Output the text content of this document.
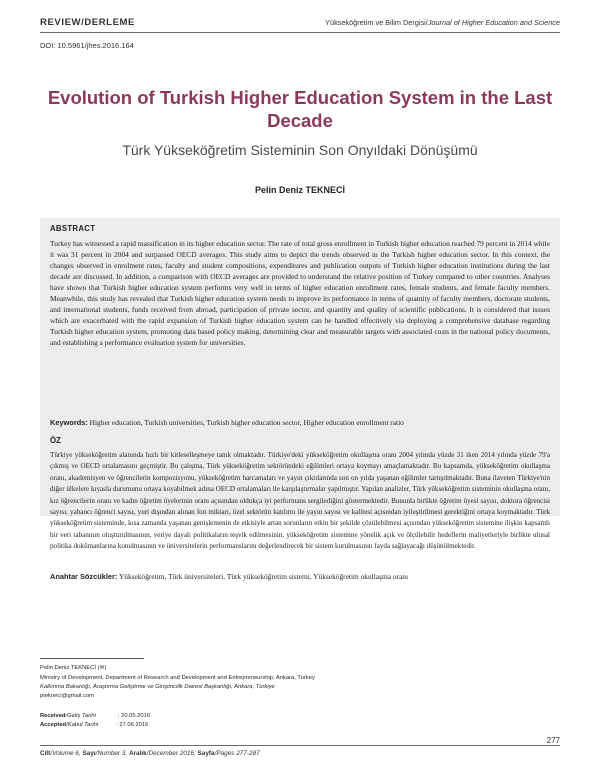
REVIEW/DERLEME	Yükseköğretim ve Bilim Dergisi/Journal of Higher Education and Science
DOI: 10.5961/jhes.2016.164
Evolution of Turkish Higher Education System in the Last Decade
Türk Yükseköğretim Sisteminin Son Onyıldaki Dönüşümü
Pelin Deniz TEKNECİ
ABSTRACT
Turkey has witnessed a rapid massification in its higher education sector. The rate of total gross enrollment in Turkish higher education reached 79 percent in 2014 while it was 31 percent in 2004 and surpassed OECD averages. This study aims to depict the trends observed in the Turkish higher education sector. In this context, the changes observed in enrolment rates, faculty and student compositions, expenditures and publication outputs of Turkish higher education institutions during the last decade are discussed. In addition, a comparison with OECD averages are provided to understand the relative position of Turkey compared to other countries. Analyses have shown that Turkish higher education system performs very well in terms of higher education enrollment rates, female students, and female faculty members. Meanwhile, this study has revealed that Turkish higher education system needs to improve its performance in terms of quantity of faculty members, doctorate students, and international students, funds received from abroad, participation of private sector, and quantity and quality of scientific publications. It is considered that issues which are exacerbated with the rapid expansion of Turkish higher education system can be handled effectively via deploying a comprehensive database regarding Turkish higher education system, promoting data based policy making, determining clear and measurable targets with associated costs in the national policy documents, and establishing a performance evaluation system for universities.
Keywords: Higher education, Turkish universities, Turkish higher education sector, Higher education enrollment ratio
ÖZ
Türkiye yükseköğretim alanında hızlı bir kitleselleşmeye tanık olmaktadır. Türkiye'deki yükseköğretim okullaşma oranı 2004 yılında yüzde 31 iken 2014 yılında yüzde 79'a çıkmış ve OECD ortalamasını geçmiştir. Bu çalışma, Türk yükseköğretim sektöründeki eğilimleri ortaya koymayı amaçlamaktadır. Bu kapsamda, yükseköğretim okullaşma oranı, akademisyen ve öğrencilerin kompozisyonu, yükseköğretim harcamaları ve yayın çıktılarında son on yılda yaşanan eğilimler tartışılmaktadır. Buna ilaveten Türkiye'nin diğer ülkelere kıyasla durumunu ortaya koyabilmek adına OECD ortalamaları ile karşılaştırmalar yapılmıştır. Yapılan analizler, Türk yükseköğretim sisteminin okullaşma oranı, kız öğrencilerin oranı ve kadın öğretim üyelerinin oranı açısından oldukça iyi performans sergilediğini göstermektedir. Bununla birlikte öğretim üyesi sayısı, doktora öğrencisi sayısı, yabancı öğrenci sayısı, yurt dışından alınan fon miktarı, özel sektörün katılımı ile yayın sayısı ve kalitesi açısından iyileştirilmesi gerektiğini ortaya koymaktadır. Türk yükseköğretim sisteminde, kısa zamanda yaşanan genişlemenin de etkisiyle artan sorunların etkin bir şekilde çözülebilmesi açısından yükseköğretim sistemine ilişkin kapsamlı bir veri tabanının oluşturulmasının, veriye dayalı politikaların teşvik edilmesinin, yükseköğretim sistemine yönelik açık ve ölçülebilir hedeflerin maliyetleriyle birlikte ulusal politika dokümanlarına konulmasının ve üniversitelerin performanslarını değerlendirecek bir sistem kurulmasının fayda sağlayacağı düşünülmektedir.
Anahtar Sözcükler: Yükseköğretim, Türk üniversiteleri, Türk yükseköğretim sistemi, Yükseköğretim okullaşma oranı
Pelin Deniz TEKNECİ (✉)
Ministry of Development, Department of Research and Development and Entrepreneurship, Ankara, Turkey
Kalkınma Bakanlığı, Araştırma Geliştirme ve Girişimcilik Dairesi Başkanlığı, Ankara, Türkiye
ptekneci@gmail.com
Received/Geliş Tarihi	: 20.05.2016
Accepted/Kabul Tarihi	: 27.06.2016
277
Cilt/Volume 6, Sayı/Number 3, Aralık/December 2016; Sayfa/Pages 277-287
